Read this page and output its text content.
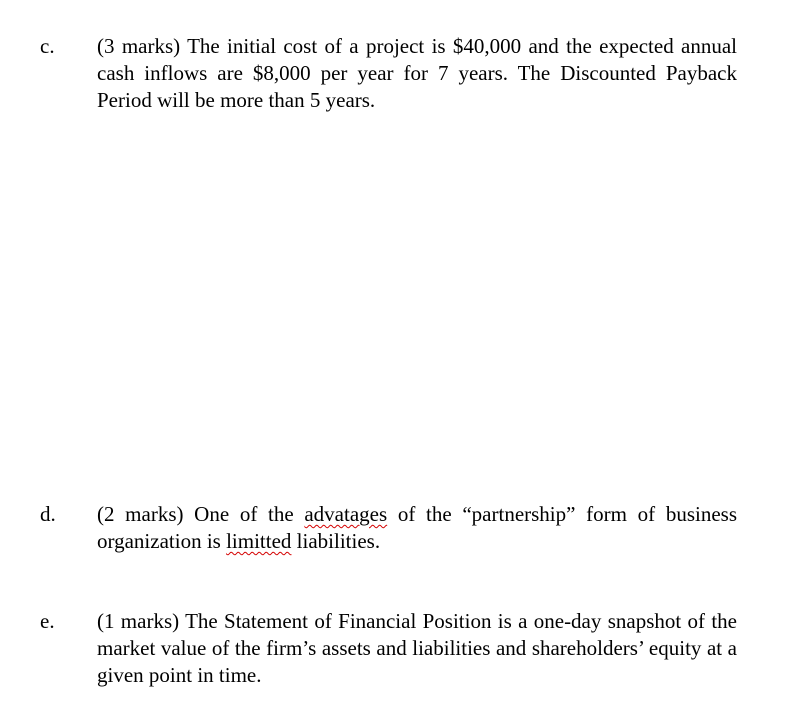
c. (3 marks) The initial cost of a project is $40,000 and the expected annual cash inflows are $8,000 per year for 7 years. The Discounted Payback Period will be more than 5 years.
d. (2 marks) One of the advatages of the “partnership” form of business organization is limitted liabilities.
e. (1 marks) The Statement of Financial Position is a one-day snapshot of the market value of the firm’s assets and liabilities and shareholders’ equity at a given point in time.
